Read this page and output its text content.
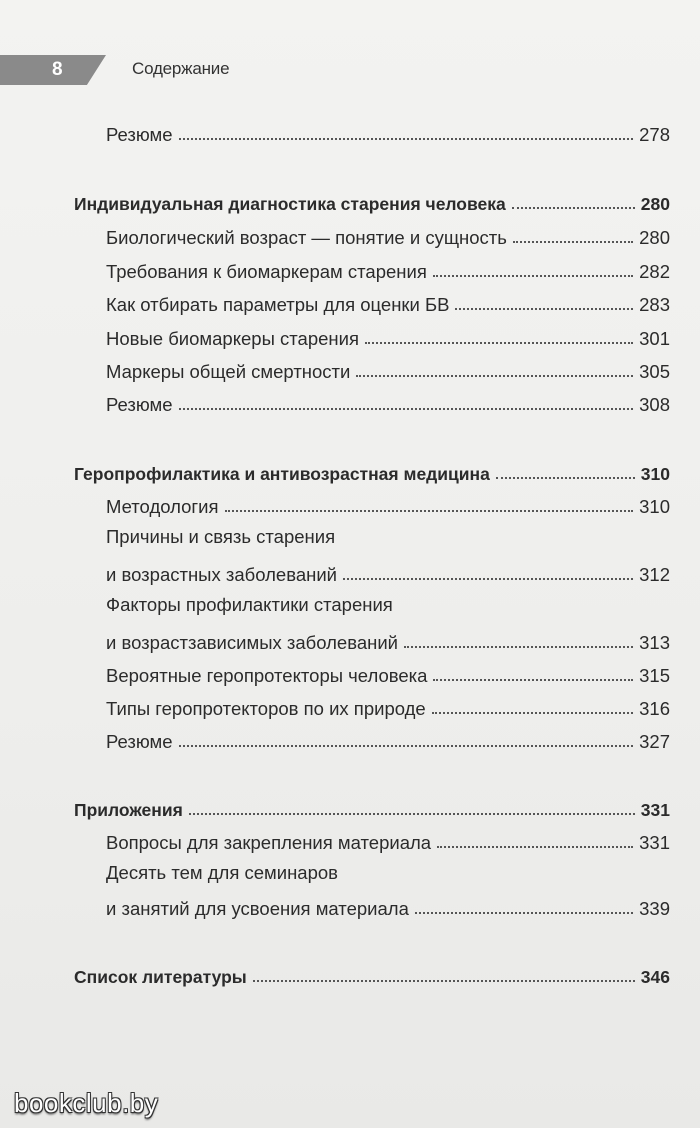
8	Содержание
Резюме	278
Индивидуальная диагностика старения человека	280
Биологический возраст — понятие и сущность	280
Требования к биомаркерам старения	282
Как отбирать параметры для оценки БВ	283
Новые биомаркеры старения	301
Маркеры общей смертности	305
Резюме	308
Геропрофилактика и антивозрастная медицина	310
Методология	310
Причины и связь старения
и возрастных заболеваний	312
Факторы профилактики старения
и возрастзависимых заболеваний	313
Вероятные геропротекторы человека	315
Типы геропротекторов по их природе	316
Резюме	327
Приложения	331
Вопросы для закрепления материала	331
Десять тем для семинаров
и занятий для усвоения материала	339
Список литературы	346
bookclub.by
